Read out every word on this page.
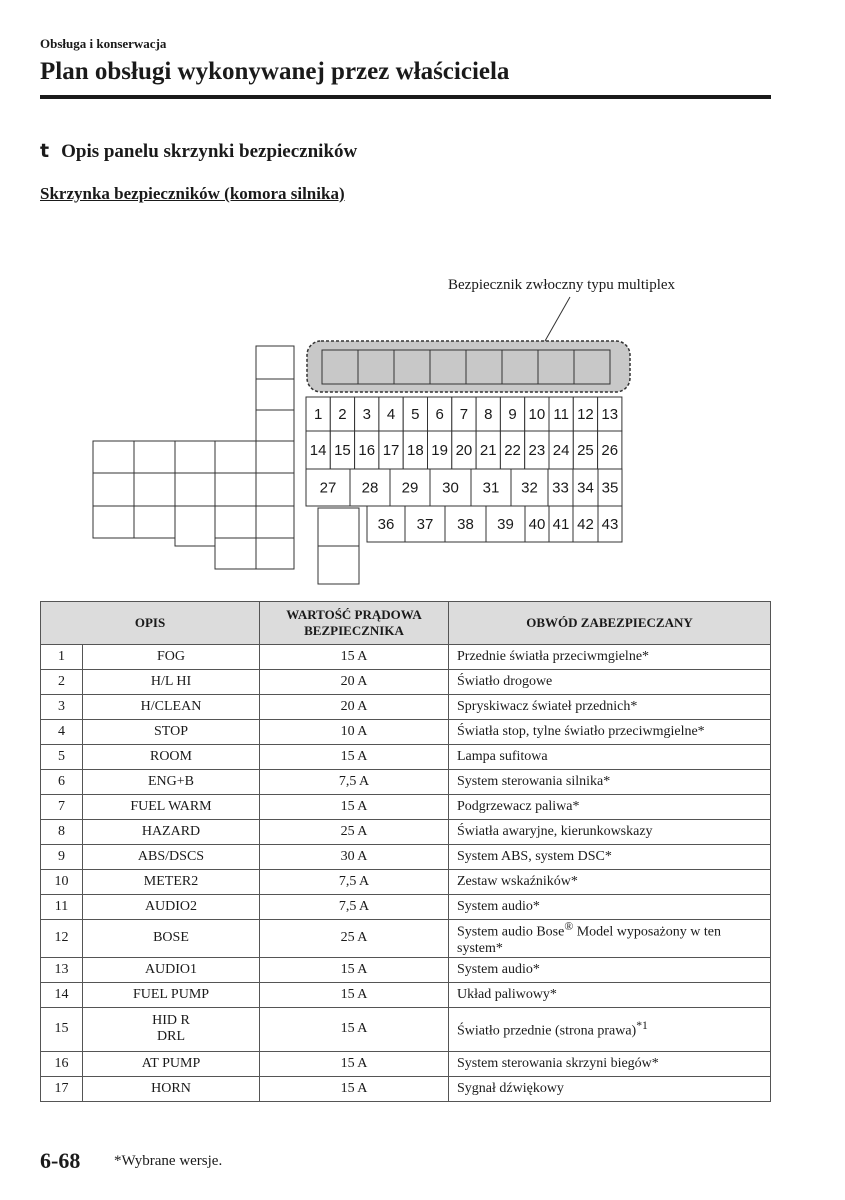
Obsługa i konserwacja
Plan obsługi wykonywanej przez właściciela
t Opis panelu skrzynki bezpieczników
Skrzynka bezpieczników (komora silnika)
1 2 3 4 5 6 7 8 9 10 11 12 13
14 15 16 17 18 19 20 21 22 23 24 25 26
27 28 29 30 31 32 33 34 35
36 37 38 39 40 41 42 43
Bezpiecznik zwłoczny typu multiplex
OPIS		WARTOŚĆ PRĄDOWA
BEZPIECZNIKA	OBWÓD ZABEZPIECZANY
1	FOG	15 A	Przednie światła przeciwmgielne*
2	H/L HI	20 A	Światło drogowe
3	H/CLEAN	20 A	Spryskiwacz świateł przednich*
4	STOP	10 A	Światła stop, tylne światło przeciwmgielne*
5	ROOM	15 A	Lampa sufitowa
6	ENG+B	7,5 A	System sterowania silnika*
7	FUEL WARM	15 A	Podgrzewacz paliwa*
8	HAZARD	25 A	Światła awaryjne, kierunkowskazy
9	ABS/DSCS	30 A	System ABS, system DSC*
10	METER2	7,5 A	Zestaw wskaźników*
11	AUDIO2	7,5 A	System audio*
12	BOSE	25 A	System audio Bose® Model wyposażony w ten system*
13	AUDIO1	15 A	System audio*
14	FUEL PUMP	15 A	Układ paliwowy*
15	HID R
DRL	15 A	Światło przednie (strona prawa)$^{*1}$
16	AT PUMP	15 A	System sterowania skrzyni biegów*
17	HORN	15 A	Sygnał dźwiękowy
6-68 *Wybrane wersje.
